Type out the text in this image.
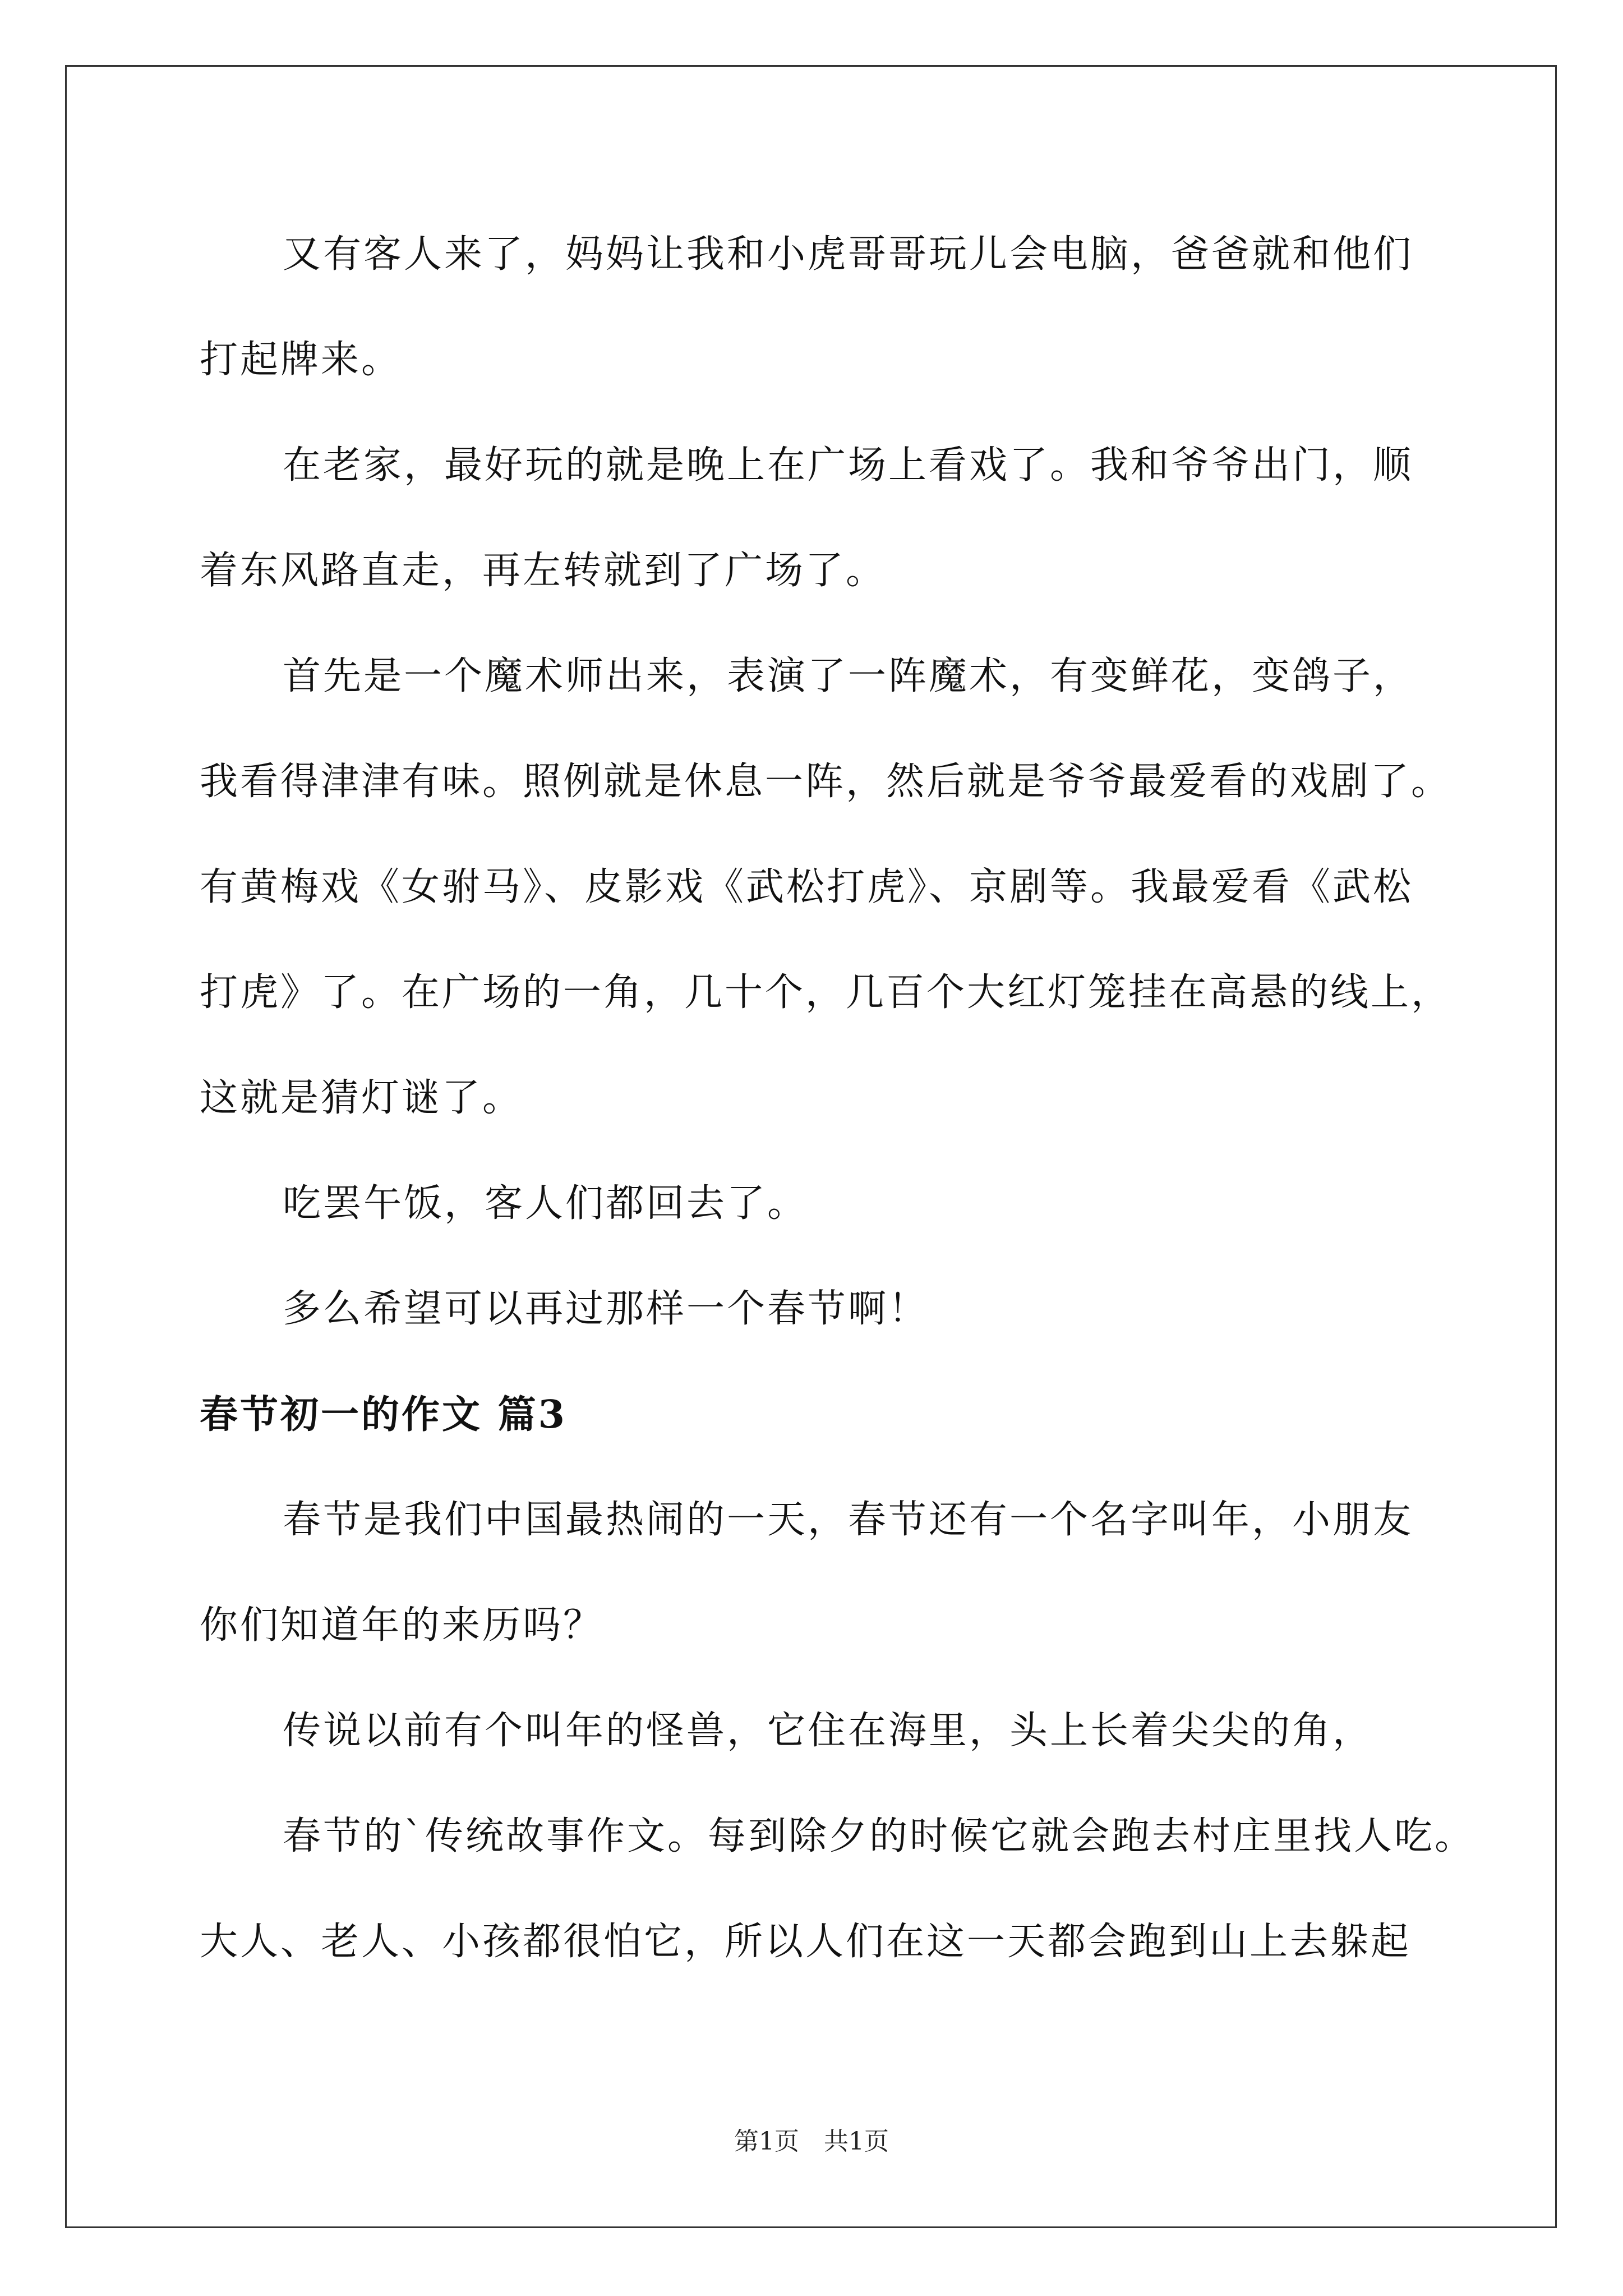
又有客人来了，妈妈让我和小虎哥哥玩儿会电脑，爸爸就和他们

打起牌来。

在老家，最好玩的就是晚上在广场上看戏了。我和爷爷出门，顺

着东风路直走，再左转就到了广场了。

首先是一个魔术师出来，表演了一阵魔术，有变鲜花，变鸽子，

我看得津津有味。照例就是休息一阵，然后就是爷爷最爱看的戏剧了。

有黄梅戏《女驸马》、皮影戏《武松打虎》、京剧等。我最爱看《武松

打虎》了。在广场的一角，几十个，几百个大红灯笼挂在高悬的线上，

这就是猜灯谜了。

吃罢午饭，客人们都回去了。

多么希望可以再过那样一个春节啊！

春节初一的作文 篇3

春节是我们中国最热闹的一天，春节还有一个名字叫年，小朋友

你们知道年的来历吗？

传说以前有个叫年的怪兽，它住在海里，头上长着尖尖的角，

春节的`传统故事作文。每到除夕的时候它就会跑去村庄里找人吃。

大人、老人、小孩都很怕它，所以人们在这一天都会跑到山上去躲起

第1页　共1页
